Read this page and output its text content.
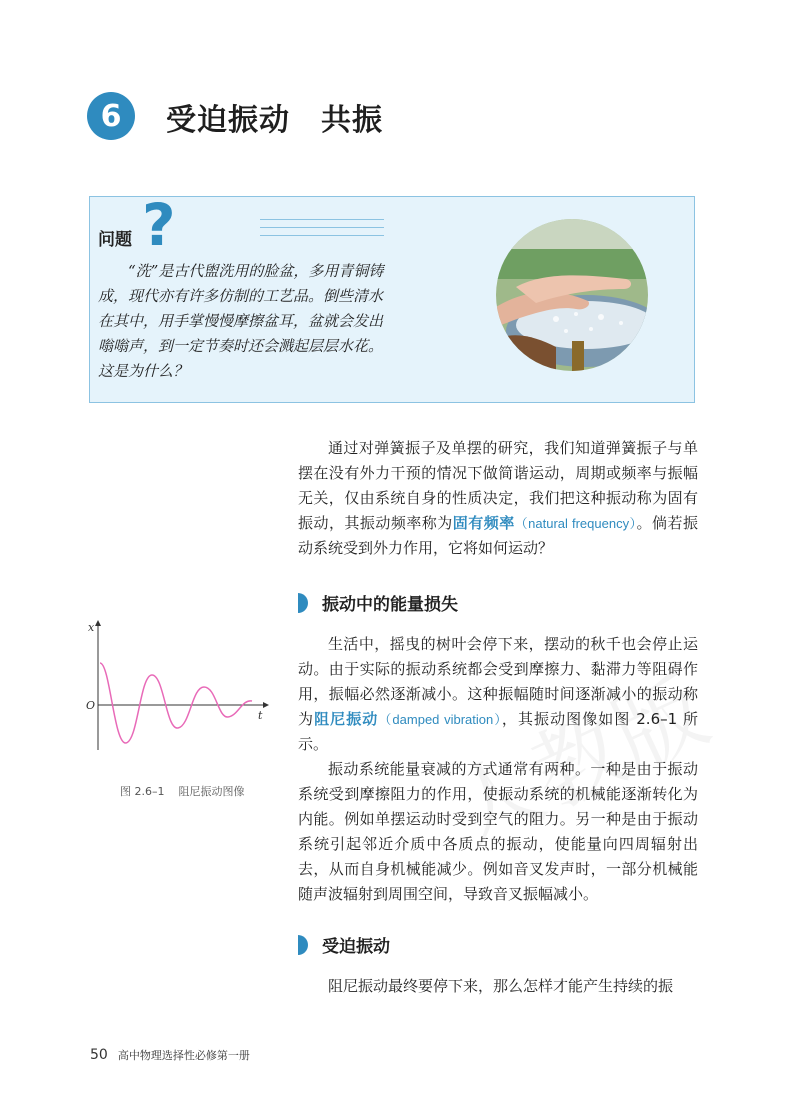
6	受迫振动　共振
?
问题
“洗”是古代盥洗用的脸盆，多用青铜铸成，现代亦有许多仿制的工艺品。倒些清水在其中，用手掌慢慢摩擦盆耳，盆就会发出嗡嗡声，到一定节奏时还会溅起层层水花。这是为什么？

通过对弹簧振子及单摆的研究，我们知道弹簧振子与单摆在没有外力干预的情况下做简谐运动，周期或频率与振幅无关，仅由系统自身的性质决定，我们把这种振动称为固有振动，其振动频率称为固有频率（natural frequency）。倘若振动系统受到外力作用，它将如何运动？

振动中的能量损失

生活中，摇曳的树叶会停下来，摆动的秋千也会停止运动。由于实际的振动系统都会受到摩擦力、黏滞力等阻碍作用，振幅必然逐渐减小。这种振幅随时间逐渐减小的振动称为阻尼振动（damped vibration），其振动图像如图 2.6–1 所示。

振动系统能量衰减的方式通常有两种。一种是由于振动系统受到摩擦阻力的作用，使振动系统的机械能逐渐转化为内能。例如单摆运动时受到空气的阻力。另一种是由于振动系统引起邻近介质中各质点的振动，使能量向四周辐射出去，从而自身机械能减少。例如音叉发声时，一部分机械能随声波辐射到周围空间，导致音叉振幅减小。

x
t
O
图 2.6–1 阻尼振动图像
受迫振动

阻尼振动最终要停下来，那么怎样才能产生持续的振

50 高中物理选择性必修第一册
